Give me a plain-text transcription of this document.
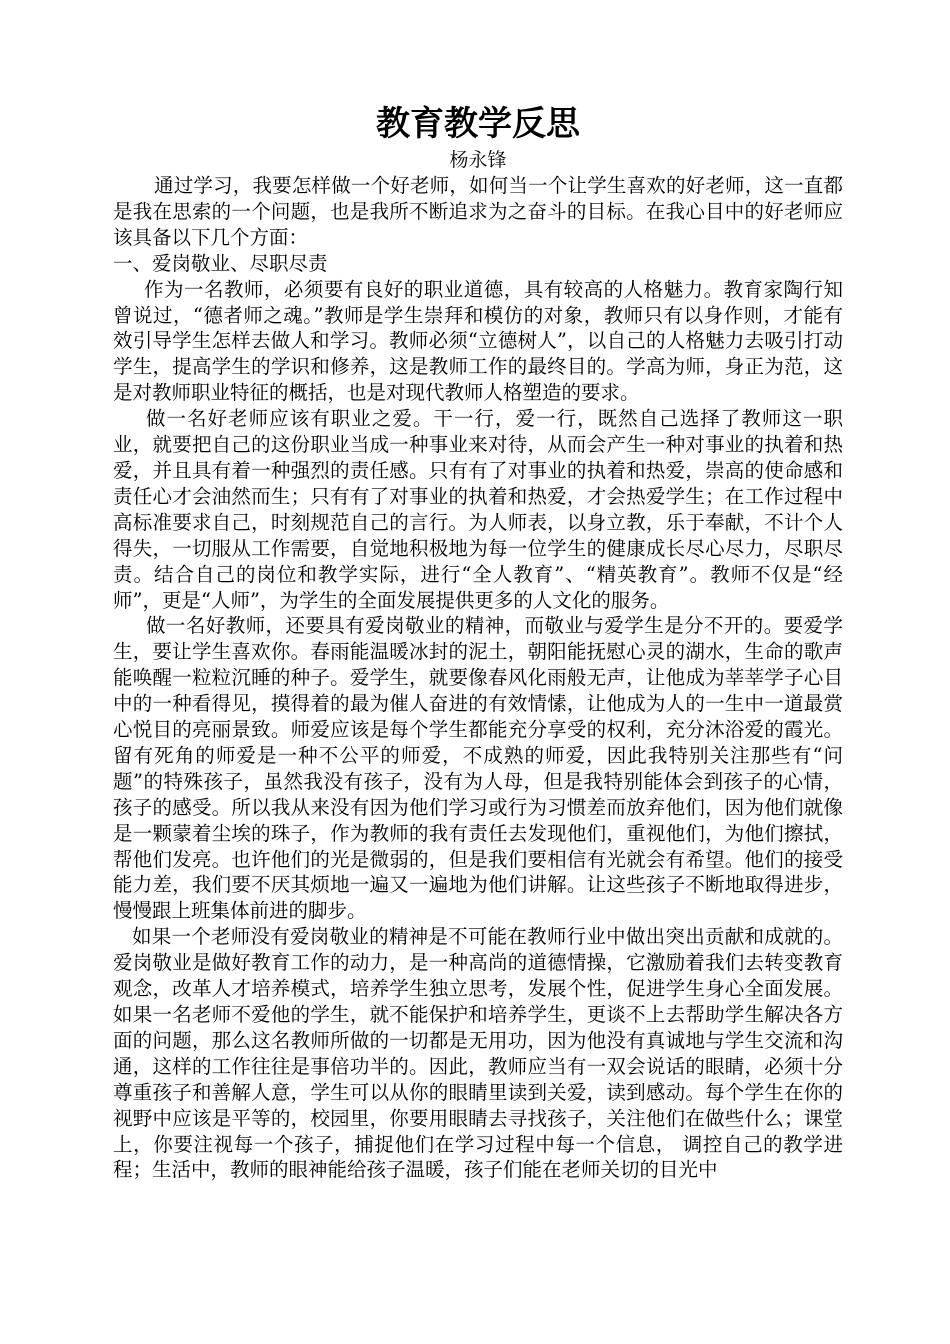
教育教学反思

杨永锋

通过学习，我要怎样做一个好老师，如何当一个让学生喜欢的好老师，这一直都是我在思索的一个问题，也是我所不断追求为之奋斗的目标。在我心目中的好老师应该具备以下几个方面：

一、爱岗敬业、尽职尽责

作为一名教师，必须要有良好的职业道德，具有较高的人格魅力。教育家陶行知曾说过，“德者师之魂。”教师是学生崇拜和模仿的对象，教师只有以身作则，才能有效引导学生怎样去做人和学习。教师必须“立德树人”，以自己的人格魅力去吸引打动学生，提高学生的学识和修养，这是教师工作的最终目的。学高为师，身正为范，这是对教师职业特征的概括，也是对现代教师人格塑造的要求。

做一名好老师应该有职业之爱。干一行，爱一行，既然自己选择了教师这一职业，就要把自己的这份职业当成一种事业来对待，从而会产生一种对事业的执着和热爱，并且具有着一种强烈的责任感。只有有了对事业的执着和热爱，崇高的使命感和责任心才会油然而生；只有有了对事业的执着和热爱，才会热爱学生；在工作过程中高标准要求自己，时刻规范自己的言行。为人师表，以身立教，乐于奉献，不计个人得失，一切服从工作需要，自觉地积极地为每一位学生的健康成长尽心尽力，尽职尽责。结合自己的岗位和教学实际，进行“全人教育”、“精英教育”。教师不仅是“经师”，更是“人师”，为学生的全面发展提供更多的人文化的服务。

做一名好教师，还要具有爱岗敬业的精神，而敬业与爱学生是分不开的。要爱学生，要让学生喜欢你。春雨能温暖冰封的泥土，朝阳能抚慰心灵的湖水，生命的歌声能唤醒一粒粒沉睡的种子。爱学生，就要像春风化雨般无声，让他成为莘莘学子心目中的一种看得见，摸得着的最为催人奋进的有效情愫，让他成为人的一生中一道最赏心悦目的亮丽景致。师爱应该是每个学生都能充分享受的权利，充分沐浴爱的霞光。留有死角的师爱是一种不公平的师爱，不成熟的师爱，因此我特别关注那些有“问题”的特殊孩子，虽然我没有孩子，没有为人母，但是我特别能体会到孩子的心情，孩子的感受。所以我从来没有因为他们学习或行为习惯差而放弃他们，因为他们就像是一颗蒙着尘埃的珠子，作为教师的我有责任去发现他们，重视他们，为他们擦拭，帮他们发亮。也许他们的光是微弱的，但是我们要相信有光就会有希望。他们的接受能力差，我们要不厌其烦地一遍又一遍地为他们讲解。让这些孩子不断地取得进步，慢慢跟上班集体前进的脚步。

如果一个老师没有爱岗敬业的精神是不可能在教师行业中做出突出贡献和成就的。爱岗敬业是做好教育工作的动力，是一种高尚的道德情操，它激励着我们去转变教育观念，改革人才培养模式，培养学生独立思考，发展个性，促进学生身心全面发展。如果一名老师不爱他的学生，就不能保护和培养学生，更谈不上去帮助学生解决各方面的问题，那么这名教师所做的一切都是无用功，因为他没有真诚地与学生交流和沟通，这样的工作往往是事倍功半的。因此，教师应当有一双会说话的眼睛，必须十分尊重孩子和善解人意，学生可以从你的眼睛里读到关爱，读到感动。每个学生在你的视野中应该是平等的，校园里，你要用眼睛去寻找孩子，关注他们在做些什么；课堂上，你要注视每一个孩子，捕捉他们在学习过程中每一个信息， 调控自己的教学进程；生活中，教师的眼神能给孩子温暖，孩子们能在老师关切的目光中
